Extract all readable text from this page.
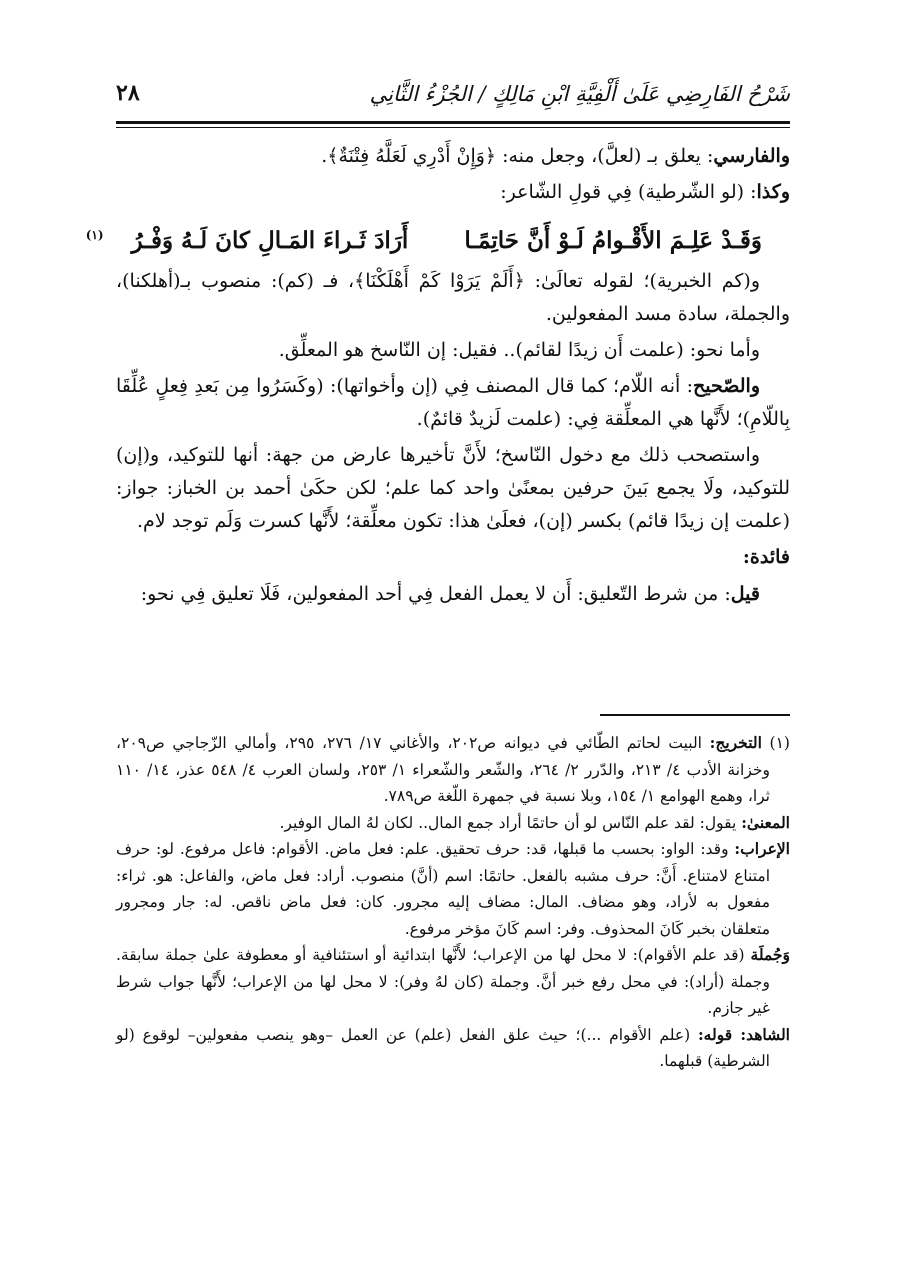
شَرْحُ الفَارِضِي عَلَىٰ أَلْفِيَّةِ ابْنِ مَالِكٍ / الجُزْءُ الثَّانِي
٢٨

والفارسي: يعلق بـ (لعلَّ)، وجعل منه: ﴿وَإِنْ أَدْرِي لَعَلَّهُ فِتْنَةٌ﴾.

وكذا: (لو الشّرطية) فِي قولِ الشّاعر:

وَقَـدْ عَلِـمَ الأَقْـوامُ لَـوْ أَنَّ حَاتِمًـاأَرَادَ ثَـراءَ المَـالِ كانَ لَـهُ وَفْـرُ$^{(١)}$

و(كم الخبرية)؛ لقوله تعالَىٰ: ﴿أَلَمْ يَرَوْا كَمْ أَهْلَكْنَا﴾، فـ (كم): منصوب بـ(أهلكنا)، والجملة، سادة مسد المفعولين.

وأما نحو: (علمت أَن زيدًا لقائم).. فقيل: إن النّاسخ هو المعلِّق.

والصّحيح: أنه اللّام؛ كما قال المصنف فِي (إن وأخواتها): (وكَسَرُوا مِن بَعدِ فِعلٍ عُلِّقَا بِاللّامِ)؛ لأَنَّها هي المعلِّقة فِي: (علمت لَزيدٌ قائمٌ).

واستصحب ذلك مع دخول النّاسخ؛ لأَنَّ تأخيرها عارض من جهة: أنها للتوكيد، و(إن) للتوكيد، ولَا يجمع بَينَ حرفين بمعنًىٰ واحد كما علم؛ لكن حكَىٰ أحمد بن الخباز: جواز: (علمت إن زيدًا قائم) بكسر (إن)، فعلَىٰ هذا: تكون معلِّقة؛ لأَنَّها كسرت وَلَم توجد لام.

فائدة:

قيل: من شرط التّعليق: أَن لا يعمل الفعل فِي أحد المفعولين، فَلَا تعليق فِي نحو:

(١) التخريج: البيت لحاتم الطّائي في ديوانه ص٢٠٢، والأغاني ١٧/ ٢٧٦، ٢٩٥، وأمالي الزّجاجي ص٢٠٩، وخزانة الأدب ٤/ ٢١٣، والدّرر ٢/ ٢٦٤، والشّعر والشّعراء ١/ ٢٥٣، ولسان العرب ٤/ ٥٤٨ عذر، ١٤/ ١١٠ ثرا، وهمع الهوامع ١/ ١٥٤، وبلا نسبة في جمهرة اللّغة ص٧٨٩.

المعنىٰ: يقول: لقد علم النّاس لو أن حاتمًا أراد جمع المال.. لكان لهُ المال الوفير.

الإعراب: وقد: الواو: بحسب ما قبلها، قد: حرف تحقيق. علم: فعل ماض. الأقوام: فاعل مرفوع. لو: حرف امتناع لامتناع. أَنَّ: حرف مشبه بالفعل. حاتمًا: اسم (أنَّ) منصوب. أراد: فعل ماض، والفاعل: هو. ثراء: مفعول به لأراد، وهو مضاف. المال: مضاف إليه مجرور. كان: فعل ماض ناقص. له: جار ومجرور متعلقان بخبر كَانَ المحذوف. وفر: اسم كَانَ مؤخر مرفوع.

وَجُملَة (قد علم الأقوام): لا محل لها من الإعراب؛ لأَنَّها ابتدائية أو استئنافية أو معطوفة علىٰ جملة سابقة. وجملة (أراد): في محل رفع خبر أنَّ. وجملة (كان لهُ وفر): لا محل لها من الإعراب؛ لأَنَّها جواب شرط غير جازم.

الشاهد: قوله: (علم الأقوام ...)؛ حيث علق الفعل (علم) عن العمل –وهو ينصب مفعولين– لوقوع (لو الشرطية) قبلهما.
